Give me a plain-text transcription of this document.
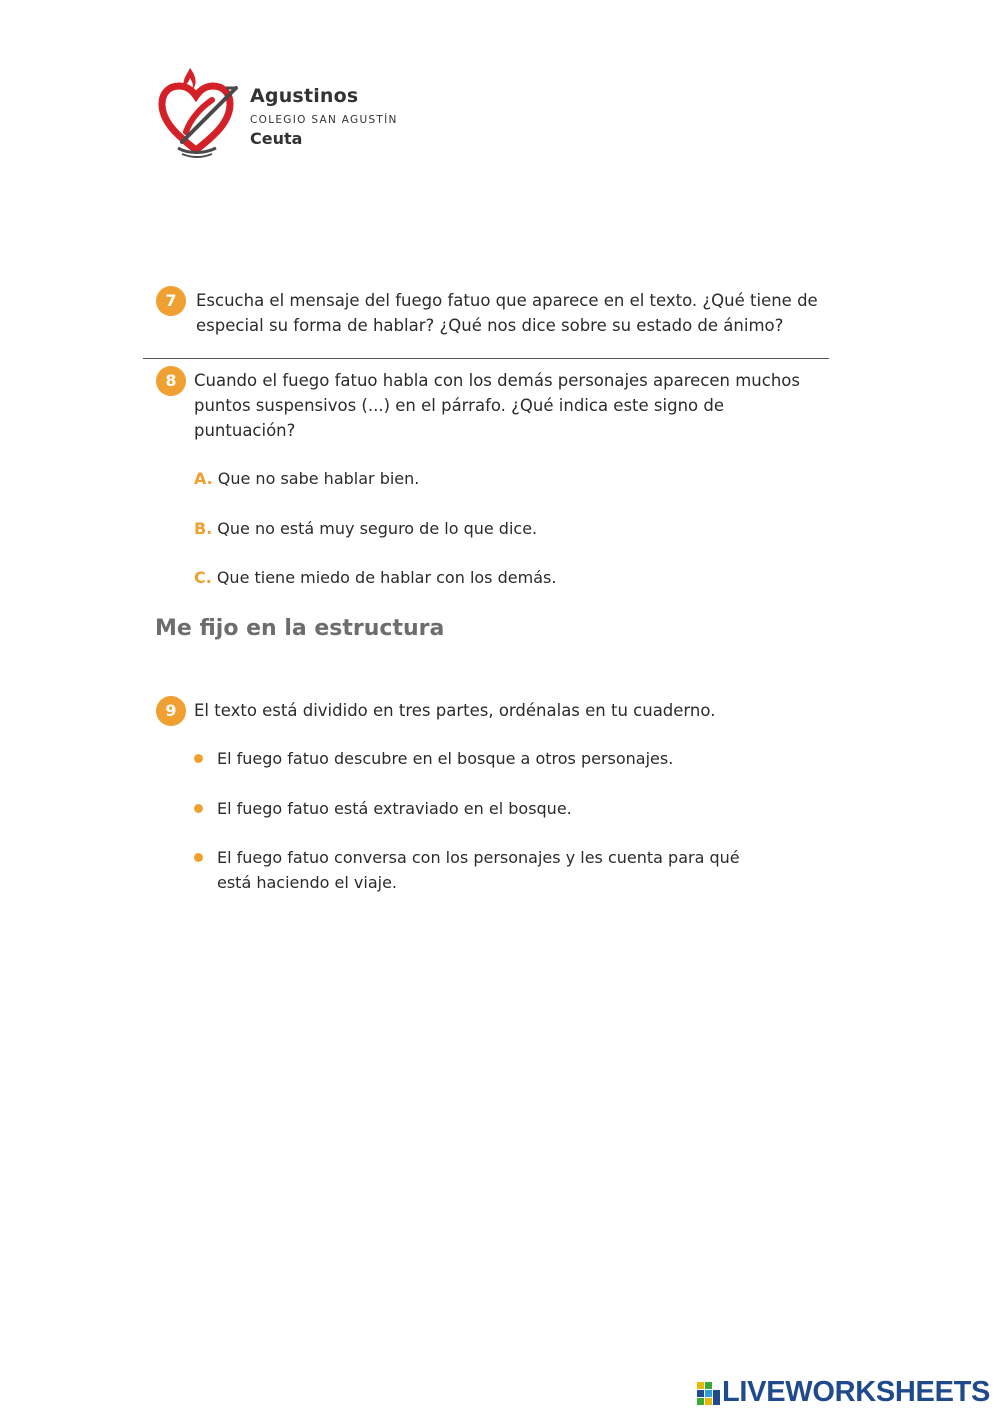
Agustinos
COLEGIO SAN AGUSTÍN
Ceuta
7	Escucha el mensaje del fuego fatuo que aparece en el texto. ¿Qué tiene de
especial su forma de hablar? ¿Qué nos dice sobre su estado de ánimo?
8	Cuando el fuego fatuo habla con los demás personajes aparecen muchos
puntos suspensivos (...) en el párrafo. ¿Qué indica este signo de
puntuación?
A. Que no sabe hablar bien.
B. Que no está muy seguro de lo que dice.
C. Que tiene miedo de hablar con los demás.
Me fijo en la estructura
9	El texto está dividido en tres partes, ordénalas en tu cuaderno.
El fuego fatuo descubre en el bosque a otros personajes.
El fuego fatuo está extraviado en el bosque.
El fuego fatuo conversa con los personajes y les cuenta para qué
está haciendo el viaje.
LIVEWORKSHEETS
